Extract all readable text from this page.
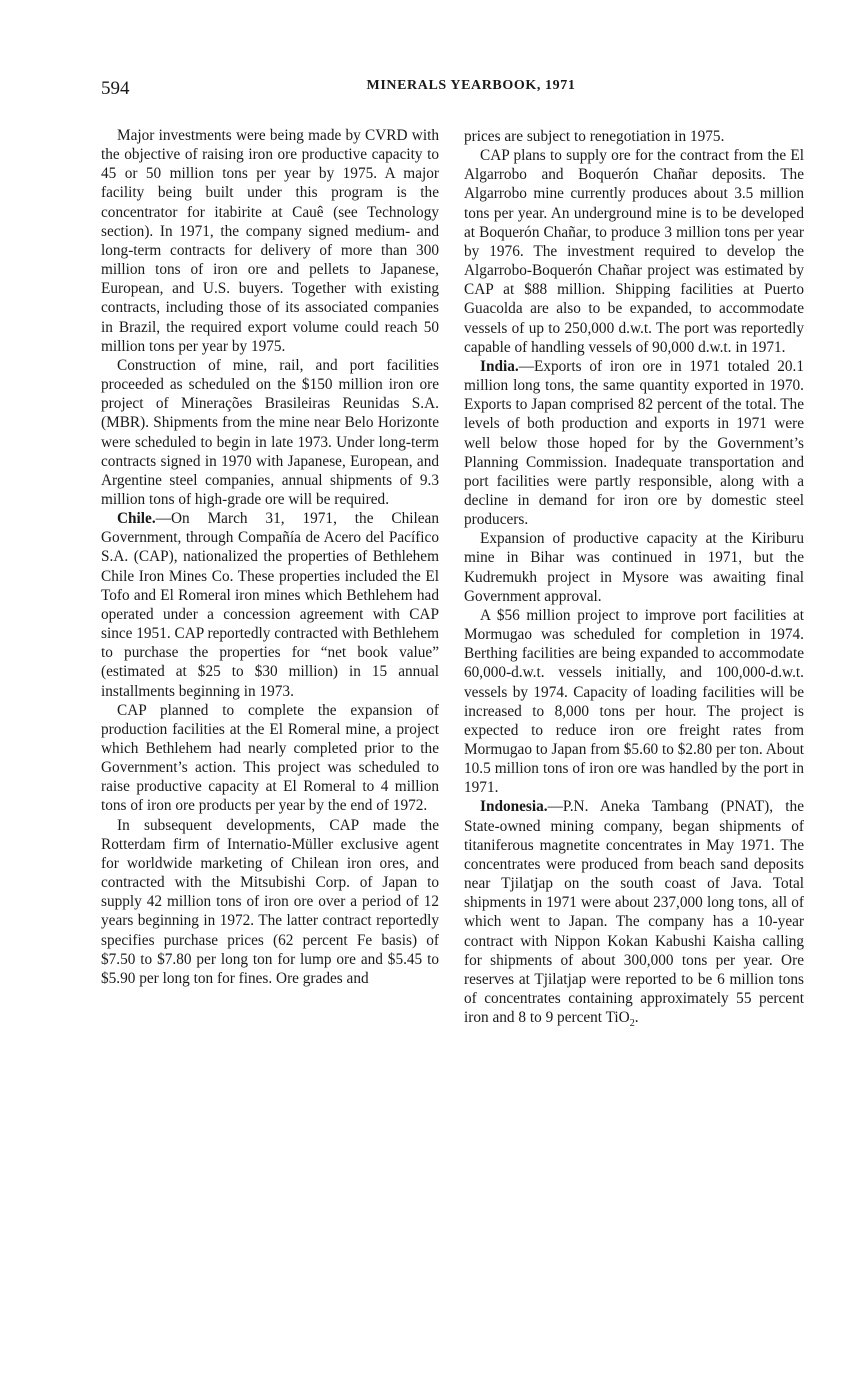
594	MINERALS YEARBOOK, 1971

Major investments were being made by CVRD with the objective of raising iron ore productive capacity to 45 or 50 million tons per year by 1975. A major facility being built under this program is the concentrator for itabirite at Cauê (see Technology section). In 1971, the company signed medium- and long-term contracts for delivery of more than 300 million tons of iron ore and pellets to Japanese, European, and U.S. buyers. Together with existing contracts, including those of its associated companies in Brazil, the required export volume could reach 50 million tons per year by 1975.

Construction of mine, rail, and port facilities proceeded as scheduled on the $150 million iron ore project of Minerações Brasileiras Reunidas S.A. (MBR). Shipments from the mine near Belo Horizonte were scheduled to begin in late 1973. Under long-term contracts signed in 1970 with Japanese, European, and Argentine steel companies, annual shipments of 9.3 million tons of high-grade ore will be required.

Chile.—On March 31, 1971, the Chilean Government, through Compañía de Acero del Pacífico S.A. (CAP), nationalized the properties of Bethlehem Chile Iron Mines Co. These properties included the El Tofo and El Romeral iron mines which Bethlehem had operated under a concession agreement with CAP since 1951. CAP reportedly contracted with Bethlehem to purchase the properties for “net book value” (estimated at $25 to $30 million) in 15 annual installments beginning in 1973.

CAP planned to complete the expansion of production facilities at the El Romeral mine, a project which Bethlehem had nearly completed prior to the Government’s action. This project was scheduled to raise productive capacity at El Romeral to 4 million tons of iron ore products per year by the end of 1972.

In subsequent developments, CAP made the Rotterdam firm of Internatio-Müller exclusive agent for worldwide marketing of Chilean iron ores, and contracted with the Mitsubishi Corp. of Japan to supply 42 million tons of iron ore over a period of 12 years beginning in 1972. The latter contract reportedly specifies purchase prices (62 percent Fe basis) of $7.50 to $7.80 per long ton for lump ore and $5.45 to $5.90 per long ton for fines. Ore grades and

prices are subject to renegotiation in 1975.

CAP plans to supply ore for the contract from the El Algarrobo and Boquerón Chañar deposits. The Algarrobo mine currently produces about 3.5 million tons per year. An underground mine is to be developed at Boquerón Chañar, to produce 3 million tons per year by 1976. The investment required to develop the Algarrobo-Boquerón Chañar project was estimated by CAP at $88 million. Shipping facilities at Puerto Guacolda are also to be expanded, to accommodate vessels of up to 250,000 d.w.t. The port was reportedly capable of handling vessels of 90,000 d.w.t. in 1971.

India.—Exports of iron ore in 1971 totaled 20.1 million long tons, the same quantity exported in 1970. Exports to Japan comprised 82 percent of the total. The levels of both production and exports in 1971 were well below those hoped for by the Government’s Planning Commission. Inadequate transportation and port facilities were partly responsible, along with a decline in demand for iron ore by domestic steel producers.

Expansion of productive capacity at the Kiriburu mine in Bihar was continued in 1971, but the Kudremukh project in Mysore was awaiting final Government approval.

A $56 million project to improve port facilities at Mormugao was scheduled for completion in 1974. Berthing facilities are being expanded to accommodate 60,000-d.w.t. vessels initially, and 100,000-d.w.t. vessels by 1974. Capacity of loading facilities will be increased to 8,000 tons per hour. The project is expected to reduce iron ore freight rates from Mormugao to Japan from $5.60 to $2.80 per ton. About 10.5 million tons of iron ore was handled by the port in 1971.

Indonesia.—P.N. Aneka Tambang (PNAT), the State-owned mining company, began shipments of titaniferous magnetite concentrates in May 1971. The concentrates were produced from beach sand deposits near Tjilatjap on the south coast of Java. Total shipments in 1971 were about 237,000 long tons, all of which went to Japan. The company has a 10-year contract with Nippon Kokan Kabushi Kaisha calling for shipments of about 300,000 tons per year. Ore reserves at Tjilatjap were reported to be 6 million tons of concentrates containing approximately 55 percent iron and 8 to 9 percent TiO$_2$.
